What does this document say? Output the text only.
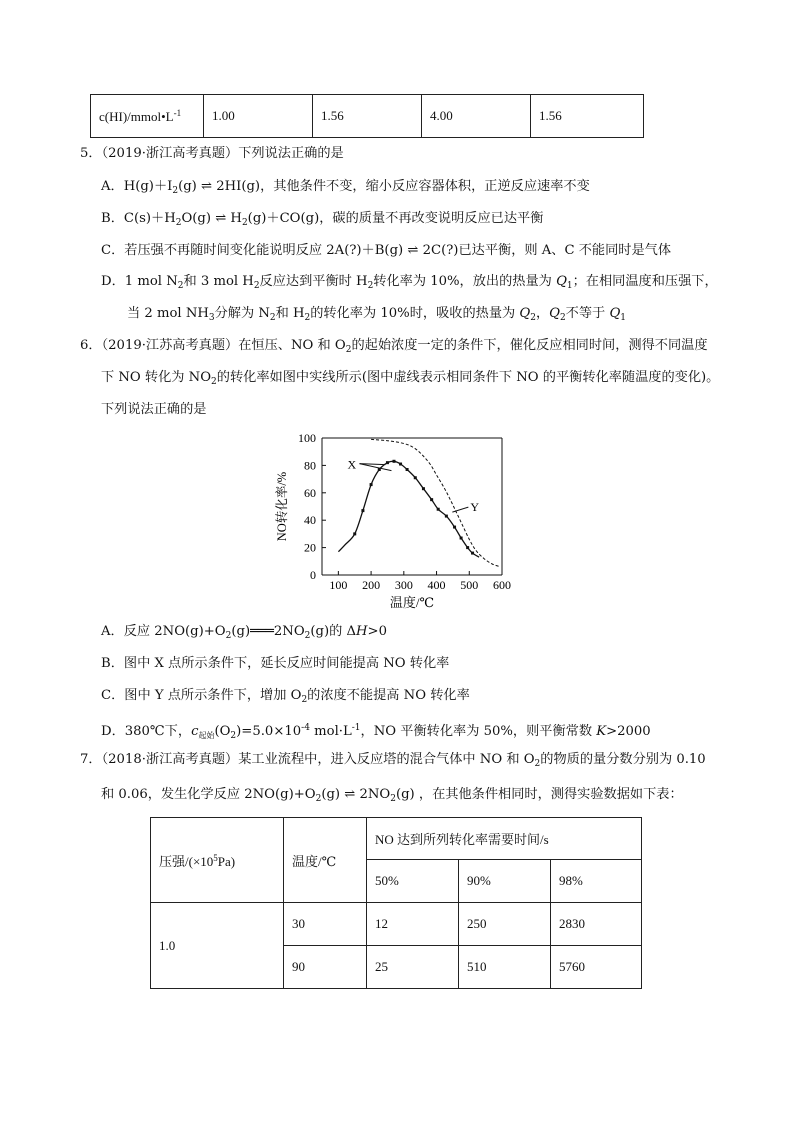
$c(HI)/mmol•L^{-1}$	1.00	1.56	4.00	1.56
5．（2019·浙江高考真题）下列说法正确的是
A．$H(g)+I_2(g)$ ⇌ 2HI(g)，其他条件不变，缩小反应容器体积，正逆反应速率不变
B．$C(s)+H_2O(g)$ ⇌ $H_2(g)+CO(g)$，碳的质量不再改变说明反应已达平衡
C．若压强不再随时间变化能说明反应 2A(?)＋B(g) ⇌ 2C(?)已达平衡，则 A、C 不能同时是气体
D．1 mol $N_2$和 3 mol $H_2$反应达到平衡时 $H_2$转化率为 10%，放出的热量为 $Q_1$；在相同温度和压强下，
当 2 mol $NH_3$分解为 $N_2$和 $H_2$的转化率为 10%时，吸收的热量为 $Q_2$，$Q_2$不等于 $Q_1$
6．（2019·江苏高考真题）在恒压、NO 和 $O_2$的起始浓度一定的条件下，催化反应相同时间，测得不同温度
下 NO 转化为 $NO_2$的转化率如图中实线所示(图中虚线表示相同条件下 NO 的平衡转化率随温度的变化)。
下列说法正确的是
0
20
40
60
80
100
100 200 300 400 500 600
NO转化率/%
温度/℃
X
Y
A．反应 $2NO(g)+O_2(g)═══2NO_2(g)$的 ΔH>0
B．图中 X 点所示条件下，延长反应时间能提高 NO 转化率
C．图中 Y 点所示条件下，增加 $O_2$的浓度不能提高 NO 转化率
D．380℃下，$c_{起始}(O_2)=5.0\times 10^{-4}$ $mol\cdot L^{-1}$，NO 平衡转化率为 50%，则平衡常数 K>2000
7．（2018·浙江高考真题）某工业流程中，进入反应塔的混合气体中 NO 和 $O_2$的物质的量分数分别为 0.10
和 0.06，发生化学反应 $2NO(g)+O_2(g)$ ⇌ $2NO_2(g)$ ，在其他条件相同时，测得实验数据如下表：
压强$/(\times 10^5Pa)$	温度/℃	NO 达到所列转化率需要时间/s		
		50%	90%	98%
1.0	30	12	250	2830
	90	25	510	5760
